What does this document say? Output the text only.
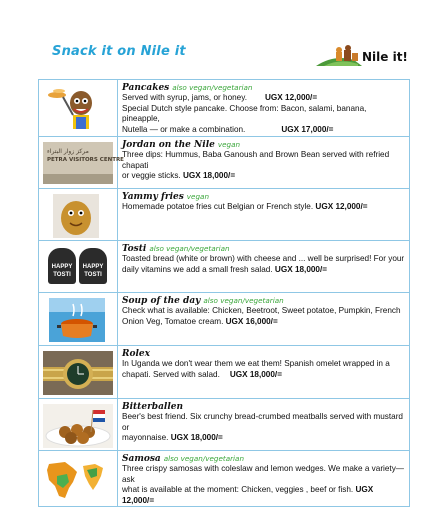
Snack it on Nile it	Nile it!
Pancakes also vegan/vegetarian
Served with syrup, jams, or honey. UGX 12,000/=
Special Dutch style pancake. Choose from: Bacon, salami, banana, pineapple,
Nutella — or make a combination.	UGX 17,000/=
مركز زوار البتراء
PETRA VISITORS CENTRE
Jordan on the Nile vegan
Three dips: Hummus, Baba Ganoush and Brown Bean served with refried chapati
or veggie sticks. UGX 18,000/=
Yammy fries vegan
Homemade potatoe fries cut Belgian or French style. UGX 12,000/=
HAPPY
TOSTI
HAPPY
TOSTI
Tosti also vegan/vegetarian
Toasted bread (white or brown) with cheese and ... well be surprised! For your
daily vitamins we add a small fresh salad. UGX 18,000/=
Soup of the day also vegan/vegetarian
Check what is available: Chicken, Beetroot, Sweet potatoe, Pumpkin, French
Onion Veg, Tomatoe cream. UGX 16,000/=
Rolex
In Uganda we don't wear them we eat them! Spanish omelet wrapped in a
chapati. Served with salad. UGX 18,000/=
Bitterballen
Beer's best friend. Six crunchy bread-crumbed meatballs served with mustard or
mayonnaise. UGX 18,000/=
Samosa also vegan/vegetarian
Three crispy samosas with coleslaw and lemon wedges. We make a variety—ask
what is available at the moment: Chicken, veggies , beef or fish. UGX 12,000/=
